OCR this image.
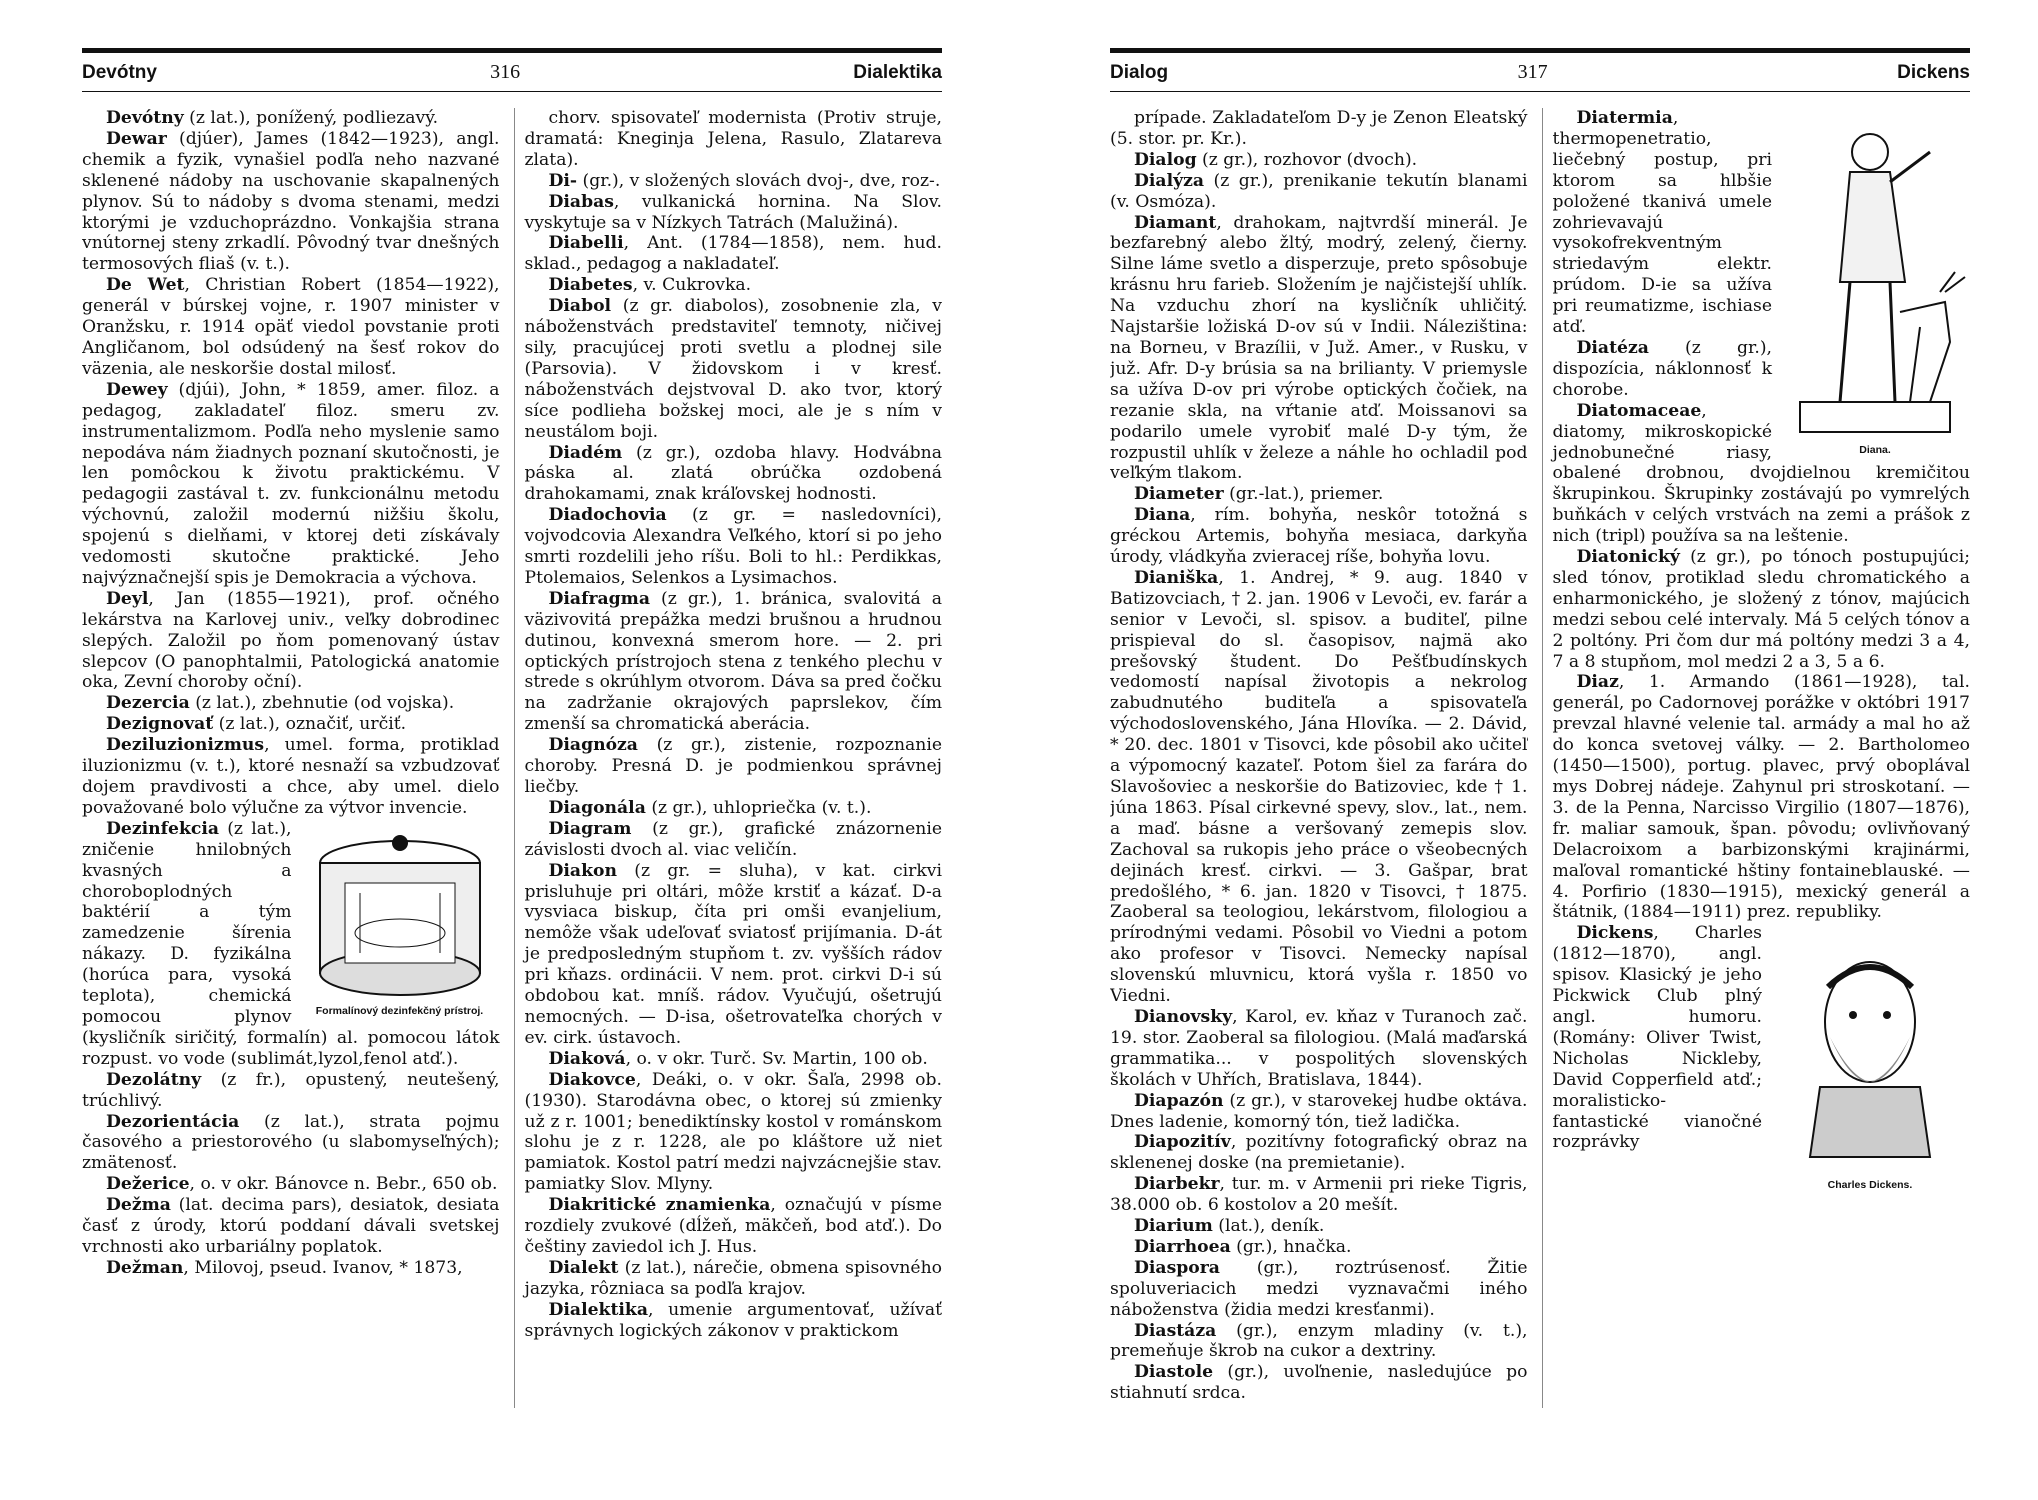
Devótny	316	Dialektika

Devótny (z lat.), ponížený, podliezavý.

Dewar (djúer), James (1842—1923), angl. chemik a fyzik, vynašiel podľa neho nazvané sklenené nádoby na uschovanie skapalnených plynov. Sú to nádoby s dvoma stenami, medzi ktorými je vzduchoprázdno. Vonkajšia strana vnútornej steny zrkadlí. Pôvodný tvar dnešných termosových fliaš (v. t.).

De Wet, Christian Robert (1854—1922), generál v búrskej vojne, r. 1907 minister v Oranžsku, r. 1914 opäť viedol povstanie proti Angličanom, bol odsúdený na šesť rokov do väzenia, ale neskoršie dostal milosť.

Dewey (djúi), John, * 1859, amer. filoz. a pedagog, zakladateľ filoz. smeru zv. instrumentalizmom. Podľa neho myslenie samo nepodáva nám žiadnych poznaní skutočnosti, je len pomôckou k životu praktickému. V pedagogii zastával t. zv. funkcionálnu metodu výchovnú, založil modernú nižšiu školu, spojenú s dielňami, v ktorej deti získávaly vedomosti skutočne praktické. Jeho najvýznačnejší spis je Demokracia a výchova.

Deyl, Jan (1855—1921), prof. očného lekárstva na Karlovej univ., veľky dobrodinec slepých. Založil po ňom pomenovaný ústav slepcov (O panophtalmii, Patologická anatomie oka, Zevní choroby oční).

Dezercia (z lat.), zbehnutie (od vojska).

Dezignovať (z lat.), označiť, určiť.

Deziluzionizmus, umel. forma, protiklad iluzionizmu (v. t.), ktoré nesnaží sa vzbudzovať dojem pravdivosti a chce, aby umel. dielo považované bolo výlučne za výtvor invencie.

Formalínový dezinfekčný prístroj.

Dezinfekcia (z lat.), zničenie hnilobných kvasných a choroboplodných baktérií a tým zamedzenie šírenia nákazy. D. fyzikálna (horúca para, vysoká teplota), chemická pomocou plynov (kysličník siričitý, formalín) al. pomocou látok rozpust. vo vode (sublimát,lyzol,fenol atď.).

Dezolátny (z fr.), opustený, neutešený, trúchlivý.

Dezorientácia (z lat.), strata pojmu časového a priestorového (u slabomyseľných); zmätenosť.

Dežerice, o. v okr. Bánovce n. Bebr., 650 ob.

Dežma (lat. decima pars), desiatok, desiata časť z úrody, ktorú poddaní dávali svetskej vrchnosti ako urbariálny poplatok.

Dežman, Milovoj, pseud. Ivanov, * 1873,

chorv. spisovateľ modernista (Protiv struje, dramatá: Kneginja Jelena, Rasulo, Zlatareva zlata).

Di- (gr.), v složených slovách dvoj-, dve, roz-.

Diabas, vulkanická hornina. Na Slov. vyskytuje sa v Nízkych Tatrách (Malužiná).

Diabelli, Ant. (1784—1858), nem. hud. sklad., pedagog a nakladateľ.

Diabetes, v. Cukrovka.

Diabol (z gr. diabolos), zosobnenie zla, v náboženstvách predstaviteľ temnoty, ničivej sily, pracujúcej proti svetlu a plodnej sile (Parsovia). V židovskom i v kresť. náboženstvách dejstvoval D. ako tvor, ktorý síce podlieha božskej moci, ale je s ním v neustálom boji.

Diadém (z gr.), ozdoba hlavy. Hodvábna páska al. zlatá obrúčka ozdobená drahokamami, znak kráľovskej hodnosti.

Diadochovia (z gr. = nasledovníci), vojvodcovia Alexandra Veľkého, ktorí si po jeho smrti rozdelili jeho ríšu. Boli to hl.: Perdikkas, Ptolemaios, Selenkos a Lysimachos.

Diafragma (z gr.), 1. bránica, svalovitá a väzivovitá prepážka medzi brušnou a hrudnou dutinou, konvexná smerom hore. — 2. pri optických prístrojoch stena z tenkého plechu v strede s okrúhlym otvorom. Dáva sa pred čočku na zadržanie okrajových paprslekov, čím zmenší sa chromatická aberácia.

Diagnóza (z gr.), zistenie, rozpoznanie choroby. Presná D. je podmienkou správnej liečby.

Diagonála (z gr.), uhlopriečka (v. t.).

Diagram (z gr.), grafické znázornenie závislosti dvoch al. viac veličín.

Diakon (z gr. = sluha), v kat. cirkvi prisluhuje pri oltári, môže krstiť a kázať. D-a vysviaca biskup, číta pri omši evanjelium, nemôže však udeľovať sviatosť prijímania. D-át je predposledným stupňom t. zv. vyšších rádov pri kňazs. ordinácii. V nem. prot. cirkvi D-i sú obdobou kat. mníš. rádov. Vyučujú, ošetrujú nemocných. — D-isa, ošetrovateľka chorých v ev. cirk. ústavoch.

Diaková, o. v okr. Turč. Sv. Martin, 100 ob.

Diakovce, Deáki, o. v okr. Šaľa, 2998 ob. (1930). Starodávna obec, o ktorej sú zmienky už z r. 1001; benediktínsky kostol v románskom slohu je z r. 1228, ale po kláštore už niet pamiatok. Kostol patrí medzi najvzácnejšie stav. pamiatky Slov. Mlyny.

Diakritické znamienka, označujú v písme rozdiely zvukové (dĺžeň, mäkčeň, bod atď.). Do češtiny zaviedol ich J. Hus.

Dialekt (z lat.), nárečie, obmena spisovného jazyka, rôzniaca sa podľa krajov.

Dialektika, umenie argumentovať, užívať správnych logických zákonov v praktickom

Dialog	317	Dickens

prípade. Zakladateľom D-y je Zenon Eleatský (5. stor. pr. Kr.).

Dialog (z gr.), rozhovor (dvoch).

Dialýza (z gr.), prenikanie tekutín blanami (v. Osmóza).

Diamant, drahokam, najtvrdší minerál. Je bezfarebný alebo žltý, modrý, zelený, čierny. Silne láme svetlo a disperzuje, preto spôsobuje krásnu hru farieb. Složením je najčistejší uhlík. Na vzduchu zhorí na kysličník uhličitý. Najstaršie ložiská D-ov sú v Indii. Náleziština: na Borneu, v Brazílii, v Juž. Amer., v Rusku, v juž. Afr. D-y brúsia sa na brilianty. V priemysle sa užíva D-ov pri výrobe optických čočiek, na rezanie skla, na vŕtanie atď. Moissanovi sa podarilo umele vyrobiť malé D-y tým, že rozpustil uhlík v železe a náhle ho ochladil pod veľkým tlakom.

Diameter (gr.-lat.), priemer.

Diana, rím. bohyňa, neskôr totožná s gréckou Artemis, bohyňa mesiaca, darkyňa úrody, vládkyňa zvieracej ríše, bohyňa lovu.

Dianiška, 1. Andrej, * 9. aug. 1840 v Batizovciach, † 2. jan. 1906 v Levoči, ev. farár a senior v Levoči, sl. spisov. a buditeľ, pilne prispieval do sl. časopisov, najmä ako prešovský študent. Do Pešťbudínskych vedomostí napísal životopis a nekrolog zabudnutého buditeľa a spisovateľa východoslovenského, Jána Hlovíka. — 2. Dávid, * 20. dec. 1801 v Tisovci, kde pôsobil ako učiteľ a výpomocný kazateľ. Potom šiel za farára do Slavošoviec a neskoršie do Batizoviec, kde † 1. júna 1863. Písal cirkevné spevy, slov., lat., nem. a maď. básne a veršovaný zemepis slov. Zachoval sa rukopis jeho práce o všeobecných dejinách kresť. cirkvi. — 3. Gašpar, brat predošlého, * 6. jan. 1820 v Tisovci, † 1875. Zaoberal sa teologiou, lekárstvom, filologiou a prírodnými vedami. Pôsobil vo Viedni a potom ako profesor v Tisovci. Nemecky napísal slovenskú mluvnicu, ktorá vyšla r. 1850 vo Viedni.

Dianovsky, Karol, ev. kňaz v Turanoch zač. 19. stor. Zaoberal sa filologiou. (Malá maďarská grammatika... v pospolitých slovenských školách v Uhřích, Bratislava, 1844).

Diapazón (z gr.), v starovekej hudbe oktáva. Dnes ladenie, komorný tón, tiež ladička.

Diapozitív, pozitívny fotografický obraz na sklenenej doske (na premietanie).

Diarbekr, tur. m. v Armenii pri rieke Tigris, 38.000 ob. 6 kostolov a 20 mešít.

Diarium (lat.), deník.

Diarrhoea (gr.), hnačka.

Diaspora (gr.), roztrúsenosť. Žitie spoluveriacich medzi vyznavačmi iného náboženstva (židia medzi kresťanmi).

Diastáza (gr.), enzym mladiny (v. t.), premeňuje škrob na cukor a dextriny.

Diastole (gr.), uvoľnenie, nasledujúce po stiahnutí srdca.

Diana.

Diatermia, thermopenetratio, liečebný postup, pri ktorom sa hlbšie položené tkanivá umele zohrievavajú vysokofrekventným striedavým elektr. prúdom. D-ie sa užíva pri reumatizme, ischiase atď.

Diatéza (z gr.), dispozícia, náklonnosť k chorobe.

Diatomaceae, diatomy, mikroskopické jednobunečné riasy, obalené drobnou, dvojdielnou kremičitou škrupinkou. Škrupinky zostávajú po vymrelých buňkách v celých vrstvách na zemi a prášok z nich (tripl) používa sa na leštenie.

Diatonický (z gr.), po tónoch postupujúci; sled tónov, protiklad sledu chromatického a enharmonického, je složený z tónov, majúcich medzi sebou celé intervaly. Má 5 celých tónov a 2 poltóny. Pri čom dur má poltóny medzi 3 a 4, 7 a 8 stupňom, mol medzi 2 a 3, 5 a 6.

Diaz, 1. Armando (1861—1928), tal. generál, po Cadornovej porážke v októbri 1917 prevzal hlavné velenie tal. armády a mal ho až do konca svetovej války. — 2. Bartholomeo (1450—1500), portug. plavec, prvý oboplával mys Dobrej nádeje. Zahynul pri stroskotaní. — 3. de la Penna, Narcisso Virgilio (1807—1876), fr. maliar samouk, špan. pôvodu; ovlivňovaný Delacroixom a barbizonskými krajinármi, maľoval romantické hštiny fontaineblauské. — 4. Porfirio (1830—1915), mexický generál a štátnik, (1884—1911) prez. republiky.

Charles Dickens.

Dickens, Charles (1812—1870), angl. spisov. Klasický je jeho Pickwick Club plný angl. humoru. (Romány: Oliver Twist, Nicholas Nickleby, David Copperfield atď.; moralisticko-fantastické vianočné rozprávky
